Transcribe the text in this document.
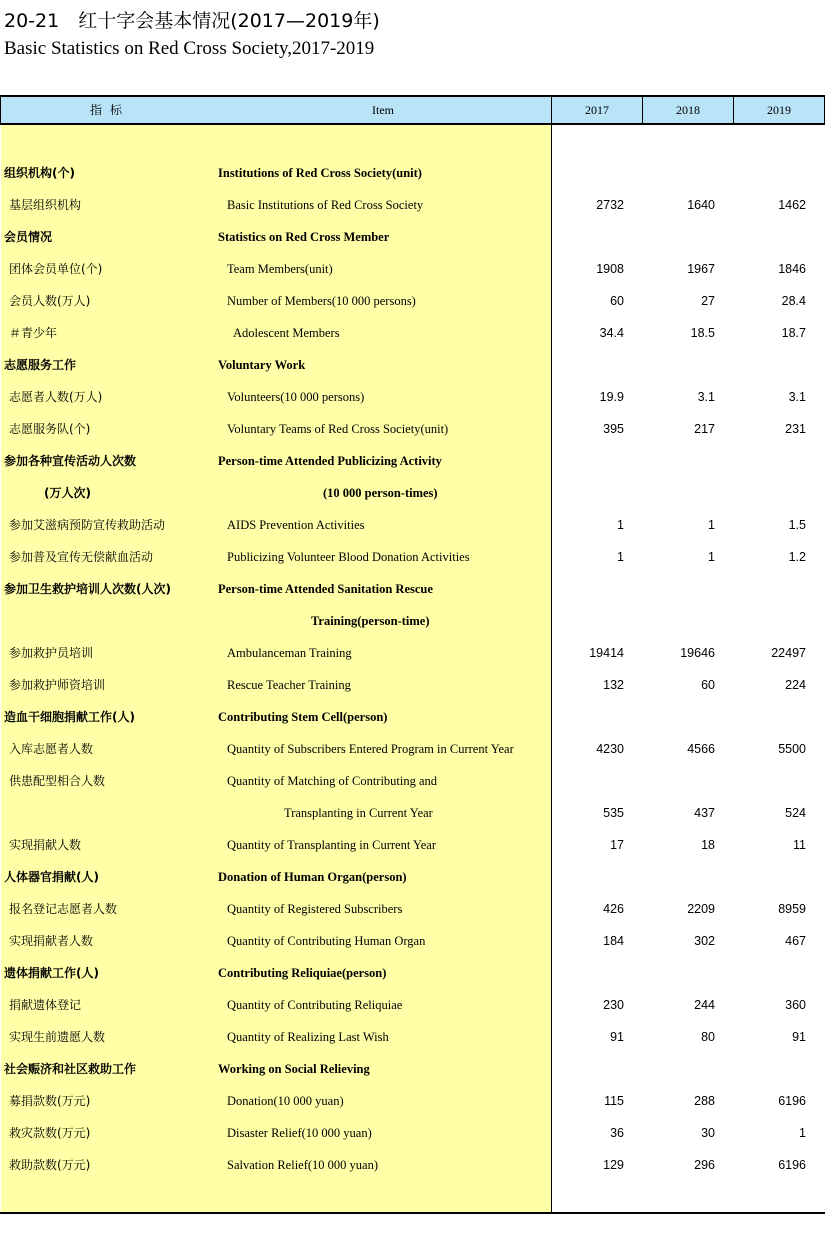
20-21　红十字会基本情况(2017—2019年)
Basic Statistics on Red Cross Society,2017-2019
指标	Item	2017	2018	2019
组织机构(个)	Institutions of Red Cross Society(unit)
基层组织机构	Basic Institutions of Red Cross Society	2732	1640	1462
会员情况	Statistics on Red Cross Member
团体会员单位(个)	Team Members(unit)	1908	1967	1846
会员人数(万人)	Number of Members(10 000 persons)	60	27	28.4
＃青少年	Adolescent Members	34.4	18.5	18.7
志愿服务工作	Voluntary Work
志愿者人数(万人)	Volunteers(10 000 persons)	19.9	3.1	3.1
志愿服务队(个)	Voluntary Teams of Red Cross Society(unit)	395	217	231
参加各种宣传活动人次数	Person-time Attended Publicizing Activity
(万人次)	(10 000 person-times)
参加艾滋病预防宣传救助活动	AIDS Prevention Activities	1	1	1.5
参加普及宣传无偿献血活动	Publicizing Volunteer Blood Donation Activities	1	1	1.2
参加卫生救护培训人次数(人次)	Person-time Attended Sanitation Rescue
Training(person-time)
参加救护员培训	Ambulanceman Training	19414	19646	22497
参加救护师资培训	Rescue Teacher Training	132	60	224
造血干细胞捐献工作(人)	Contributing Stem Cell(person)
入库志愿者人数	Quantity of Subscribers Entered Program in Current Year	4230	4566	5500
供患配型相合人数	Quantity of Matching of Contributing and
Transplanting in Current Year	535	437	524
实现捐献人数	Quantity of Transplanting in Current Year	17	18	11
人体器官捐献(人)	Donation of Human Organ(person)
报名登记志愿者人数	Quantity of Registered Subscribers	426	2209	8959
实现捐献者人数	Quantity of Contributing Human Organ	184	302	467
遗体捐献工作(人)	Contributing Reliquiae(person)
捐献遗体登记	Quantity of Contributing Reliquiae	230	244	360
实现生前遗愿人数	Quantity of Realizing Last Wish	91	80	91
社会赈济和社区救助工作	Working on Social Relieving
募捐款数(万元)	Donation(10 000 yuan)	115	288	6196
救灾款数(万元)	Disaster Relief(10 000 yuan)	36	30	1
救助款数(万元)	Salvation Relief(10 000 yuan)	129	296	6196
